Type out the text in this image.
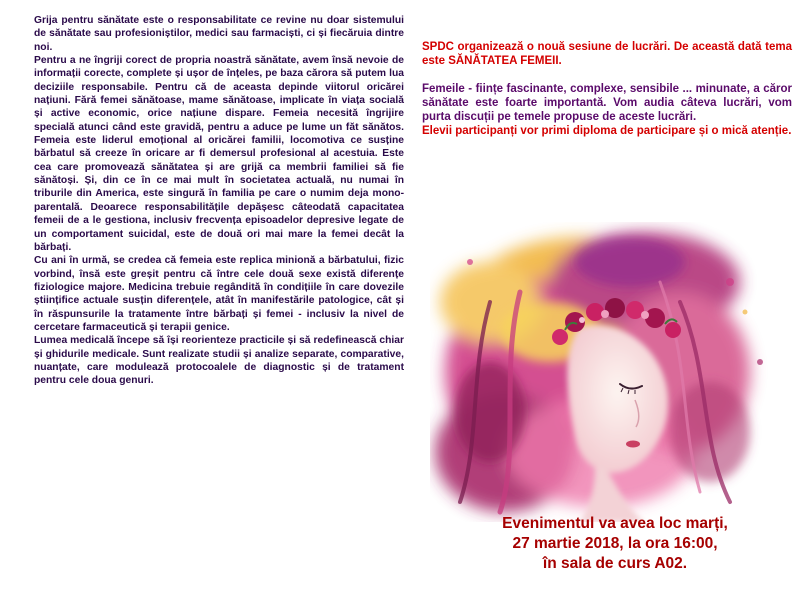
Grija pentru sănătate este o responsabilitate ce revine nu doar sistemului de sănătate sau profesioniștilor, medici sau farmaciști, ci și fiecăruia dintre noi.

Pentru a ne îngriji corect de propria noastră sănătate, avem însă nevoie de informații corecte, complete și ușor de înțeles, pe baza cărora să putem lua deciziile responsabile. Pentru că de aceasta depinde viitorul oricărei națiuni. Fără femei sănătoase, mame sănătoase, implicate în viața socială și active economic, orice națiune dispare. Femeia necesită îngrijire specială atunci când este gravidă, pentru a aduce pe lume un făt sănătos. Femeia este liderul emoțional al oricărei familii, locomotiva ce susține bărbatul să creeze în oricare ar fi demersul profesional al acestuia. Este cea care promovează sănătatea și are grijă ca membrii familiei să fie sănătoși. Și, din ce în ce mai mult în societatea actuală, nu numai în triburile din America, este singură în familia pe care o numim deja mono-parentală. Deoarece responsabilitățile depășesc câteodată capacitatea femeii de a le gestiona, inclusiv frecvența episoadelor depresive legate de un comportament suicidal, este de două ori mai mare la femei decât la bărbați.

Cu ani în urmă, se credea că femeia este replica minionă a bărbatului, fizic vorbind, însă este greșit pentru că între cele două sexe există diferențe fiziologice majore. Medicina trebuie regândită în condițiile în care dovezile științifice actuale susțin diferențele, atât în manifestările patologice, cât și în răspunsurile la tratamente între bărbați și femei - inclusiv la nivel de cercetare farmaceutică și terapii genice.

Lumea medicală începe să își reorienteze practicile și să redefinească chiar și ghidurile medicale. Sunt realizate studii și analize separate, comparative, nuanțate, care modulează protocoalele de diagnostic și de tratament pentru cele doua genuri.

SPDC organizează o nouă sesiune de lucrări. De această dată tema este SĂNĂTATEA FEMEII.

Femeile - ființe fascinante, complexe, sensibile ... minunate, a căror sănătate este foarte importantă. Vom audia câteva lucrări, vom purta discuții pe temele propuse de aceste lucrări.

Elevii participanți vor primi diploma de participare și o mică atenție.

Evenimentul va avea loc marți,

27 martie 2018, la ora 16:00,

în sala de curs A02.
